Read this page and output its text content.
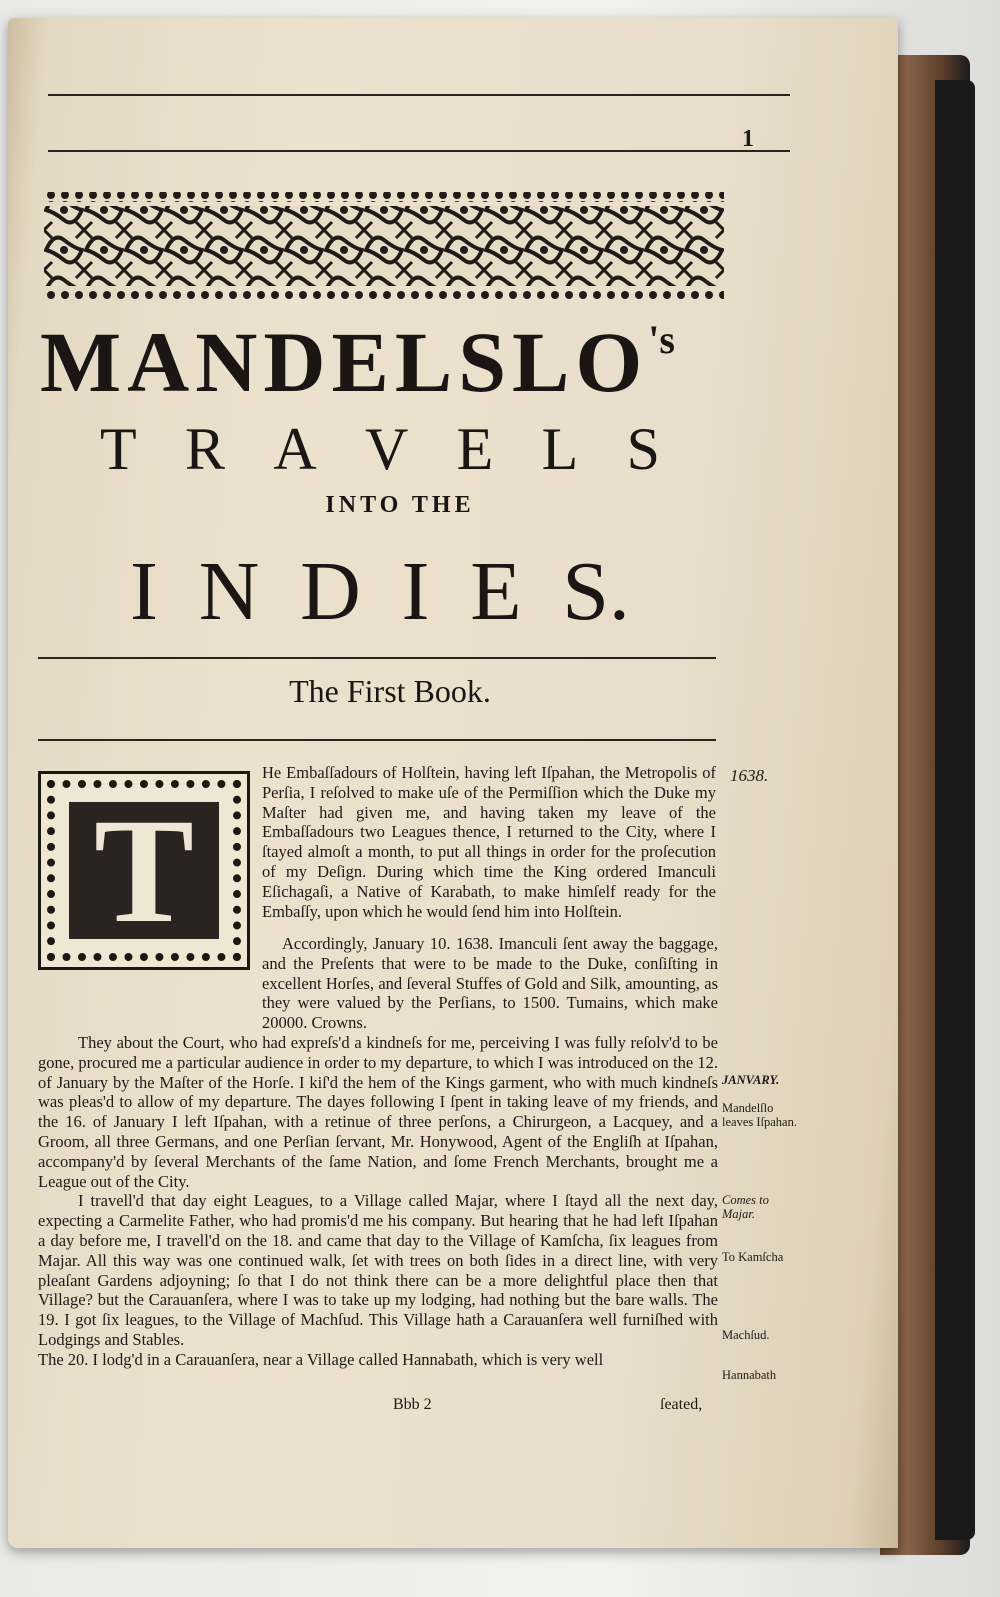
1
$MANDELSLO^{'s}$
T R A V E L S
INTO THE
I N D I E S.
The First Book.
T

He Embaſſadours of Holſtein, having left Iſpahan, the Metropolis of Perſia, I reſolved to make uſe of the Permiſſion which the Duke my Maſter had given me, and having taken my leave of the Embaſſadours two Leagues thence, I returned to the City, where I ſtayed almoſt a month, to put all things in order for the proſecution of my Deſign. During which time the King ordered Imanculi Eſichagaſi, a Native of Karabath, to make himſelf ready for the Embaſſy, upon which he would ſend him into Holſtein.

Accordingly, January 10. 1638. Imanculi ſent away the baggage, and the Preſents that were to be made to the Duke, conſiſting in excellent Horſes, and ſeveral Stuffes of Gold and Silk, amounting, as they were valued by the Perſians, to 1500. Tumains, which make 20000. Crowns.

They about the Court, who had expreſs'd a kindneſs for me, perceiving I was fully reſolv'd to be gone, procured me a particular audience in order to my departure, to which I was introduced on the 12. of January by the Maſter of the Horſe. I kiſ'd the hem of the Kings garment, who with much kindneſs was pleas'd to allow of my departure. The dayes following I ſpent in taking leave of my friends, and the 16. of January I left Iſpahan, with a retinue of three perſons, a Chirurgeon, a Lacquey, and a Groom, all three Germans, and one Perſian ſervant, Mr. Honywood, Agent of the Engliſh at Iſpahan, accompany'd by ſeveral Merchants of the ſame Nation, and ſome French Merchants, brought me a League out of the City.

I travell'd that day eight Leagues, to a Village called Majar, where I ſtayd all the next day, expecting a Carmelite Father, who had promis'd me his company. But hearing that he had left Iſpahan a day before me, I travell'd on the 18. and came that day to the Village of Kamſcha, ſix leagues from Majar. All this way was one continued walk, ſet with trees on both ſides in a direct line, with very pleaſant Gardens adjoyning; ſo that I do not think there can be a more delightful place then that Village? but the Carauanſera, where I was to take up my lodging, had nothing but the bare walls. The 19. I got ſix leagues, to the Village of Machſud. This Village hath a Carauanſera well furniſhed with Lodgings and Stables.

The 20. I lodg'd in a Carauanſera, near a Village called Hannabath, which is very well

1638.
JANVARY.
Mandelſlo leaves Iſpahan.
Comes to Majar.
To Kamſcha
Machſud.
Hannabath
Bbb 2	ſeated,
